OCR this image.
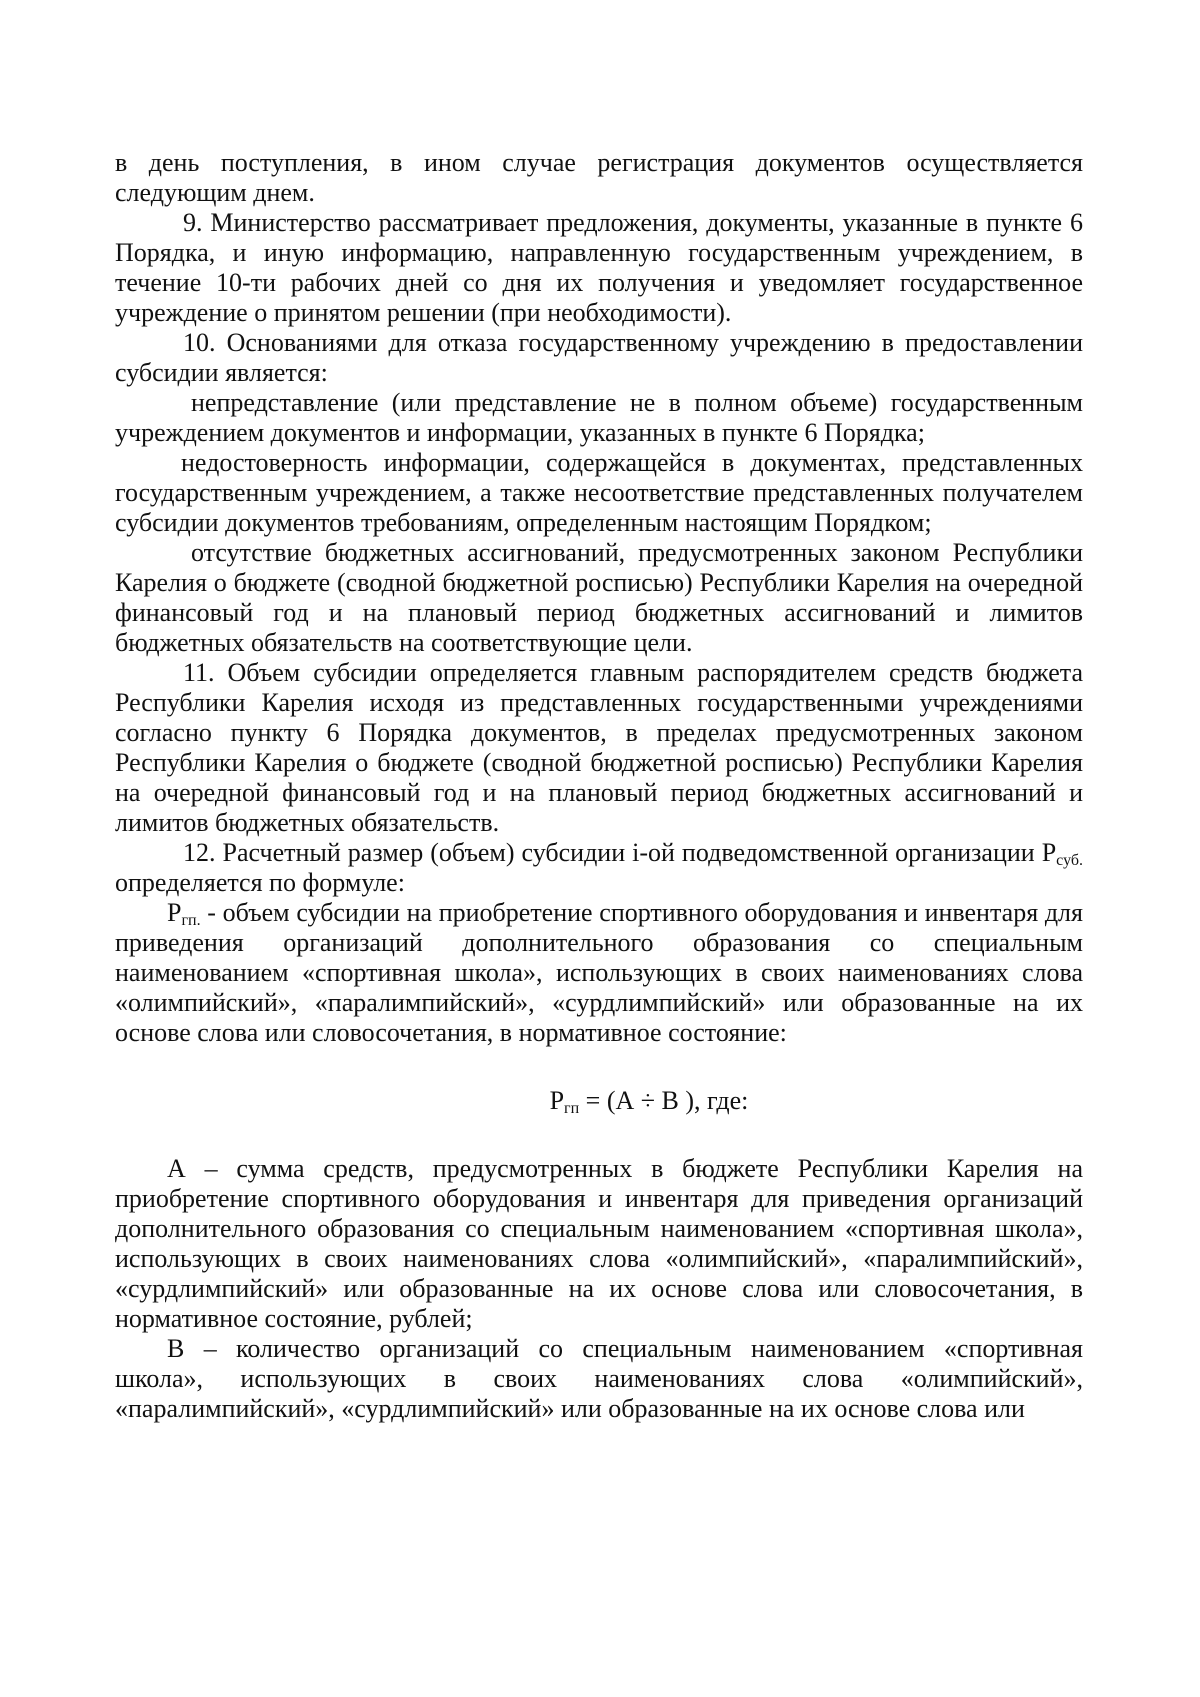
в день поступления, в ином случае регистрация документов осуществляется следующим днем.

9. Министерство рассматривает предложения, документы, указанные в пункте 6 Порядка, и иную информацию, направленную государственным учреждением, в течение 10-ти рабочих дней со дня их получения и уведомляет государственное учреждение о принятом решении (при необходимости).

10. Основаниями для отказа государственному учреждению в предоставлении субсидии является:

непредставление (или представление не в полном объеме) государственным учреждением документов и информации, указанных в пункте 6 Порядка;

недостоверность информации, содержащейся в документах, представленных государственным учреждением, а также несоответствие представленных получателем субсидии документов требованиям, определенным настоящим Порядком;

отсутствие бюджетных ассигнований, предусмотренных законом Республики Карелия о бюджете (сводной бюджетной росписью) Республики Карелия на очередной финансовый год и на плановый период бюджетных ассигнований и лимитов бюджетных обязательств на соответствующие цели.

11. Объем субсидии определяется главным распорядителем средств бюджета Республики Карелия исходя из представленных государственными учреждениями согласно пункту 6 Порядка документов, в пределах предусмотренных законом Республики Карелия о бюджете (сводной бюджетной росписью) Республики Карелия на очередной финансовый год и на плановый период бюджетных ассигнований и лимитов бюджетных обязательств.

12. Расчетный размер (объем) субсидии i-ой подведомственной организации $Р_{суб.}$ определяется по формуле:

$Р_{гп.}$ - объем субсидии на приобретение спортивного оборудования и инвентаря для приведения организаций дополнительного образования со специальным наименованием «спортивная школа», использующих в своих наименованиях слова «олимпийский», «паралимпийский», «сурдлимпийский» или образованные на их основе слова или словосочетания, в нормативное состояние:

$Р_{гп} = (А \div В$ ), где:

А – сумма средств, предусмотренных в бюджете Республики Карелия на приобретение спортивного оборудования и инвентаря для приведения организаций дополнительного образования со специальным наименованием «спортивная школа», использующих в своих наименованиях слова «олимпийский», «паралимпийский», «сурдлимпийский» или образованные на их основе слова или словосочетания, в нормативное состояние, рублей;

В – количество организаций со специальным наименованием «спортивная школа», использующих в своих наименованиях слова «олимпийский», «паралимпийский», «сурдлимпийский» или образованные на их основе слова или
